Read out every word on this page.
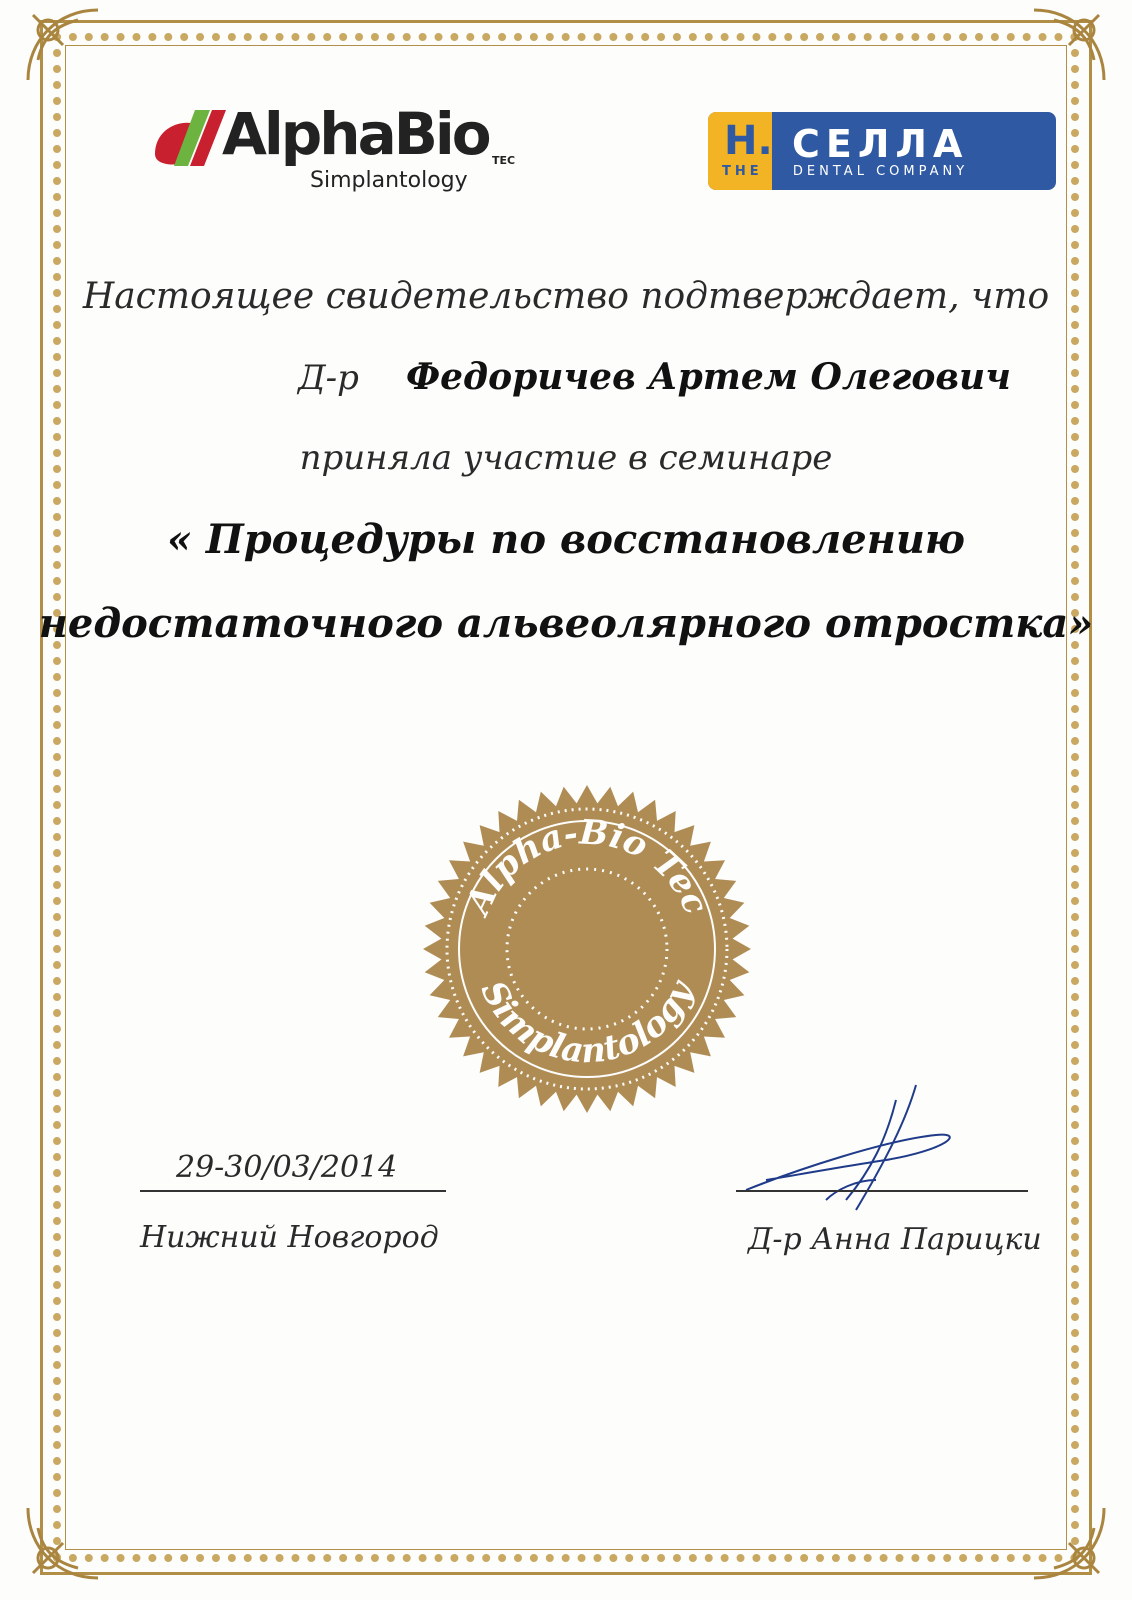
AlphaBio TEC
Simplantology
H. СЕЛЛА
THE DENTAL COMPANY
Настоящее свидетельство подтверждает, что
Д-р Федоричев Артем Олегович
приняла участие в семинаре
« Процедуры по восстановлению
недостаточного альвеолярного отростка»
Alpha-Bio Tec
Simplantology
29-30/03/2014
Нижний Новгород	Д-р Анна Парицки
